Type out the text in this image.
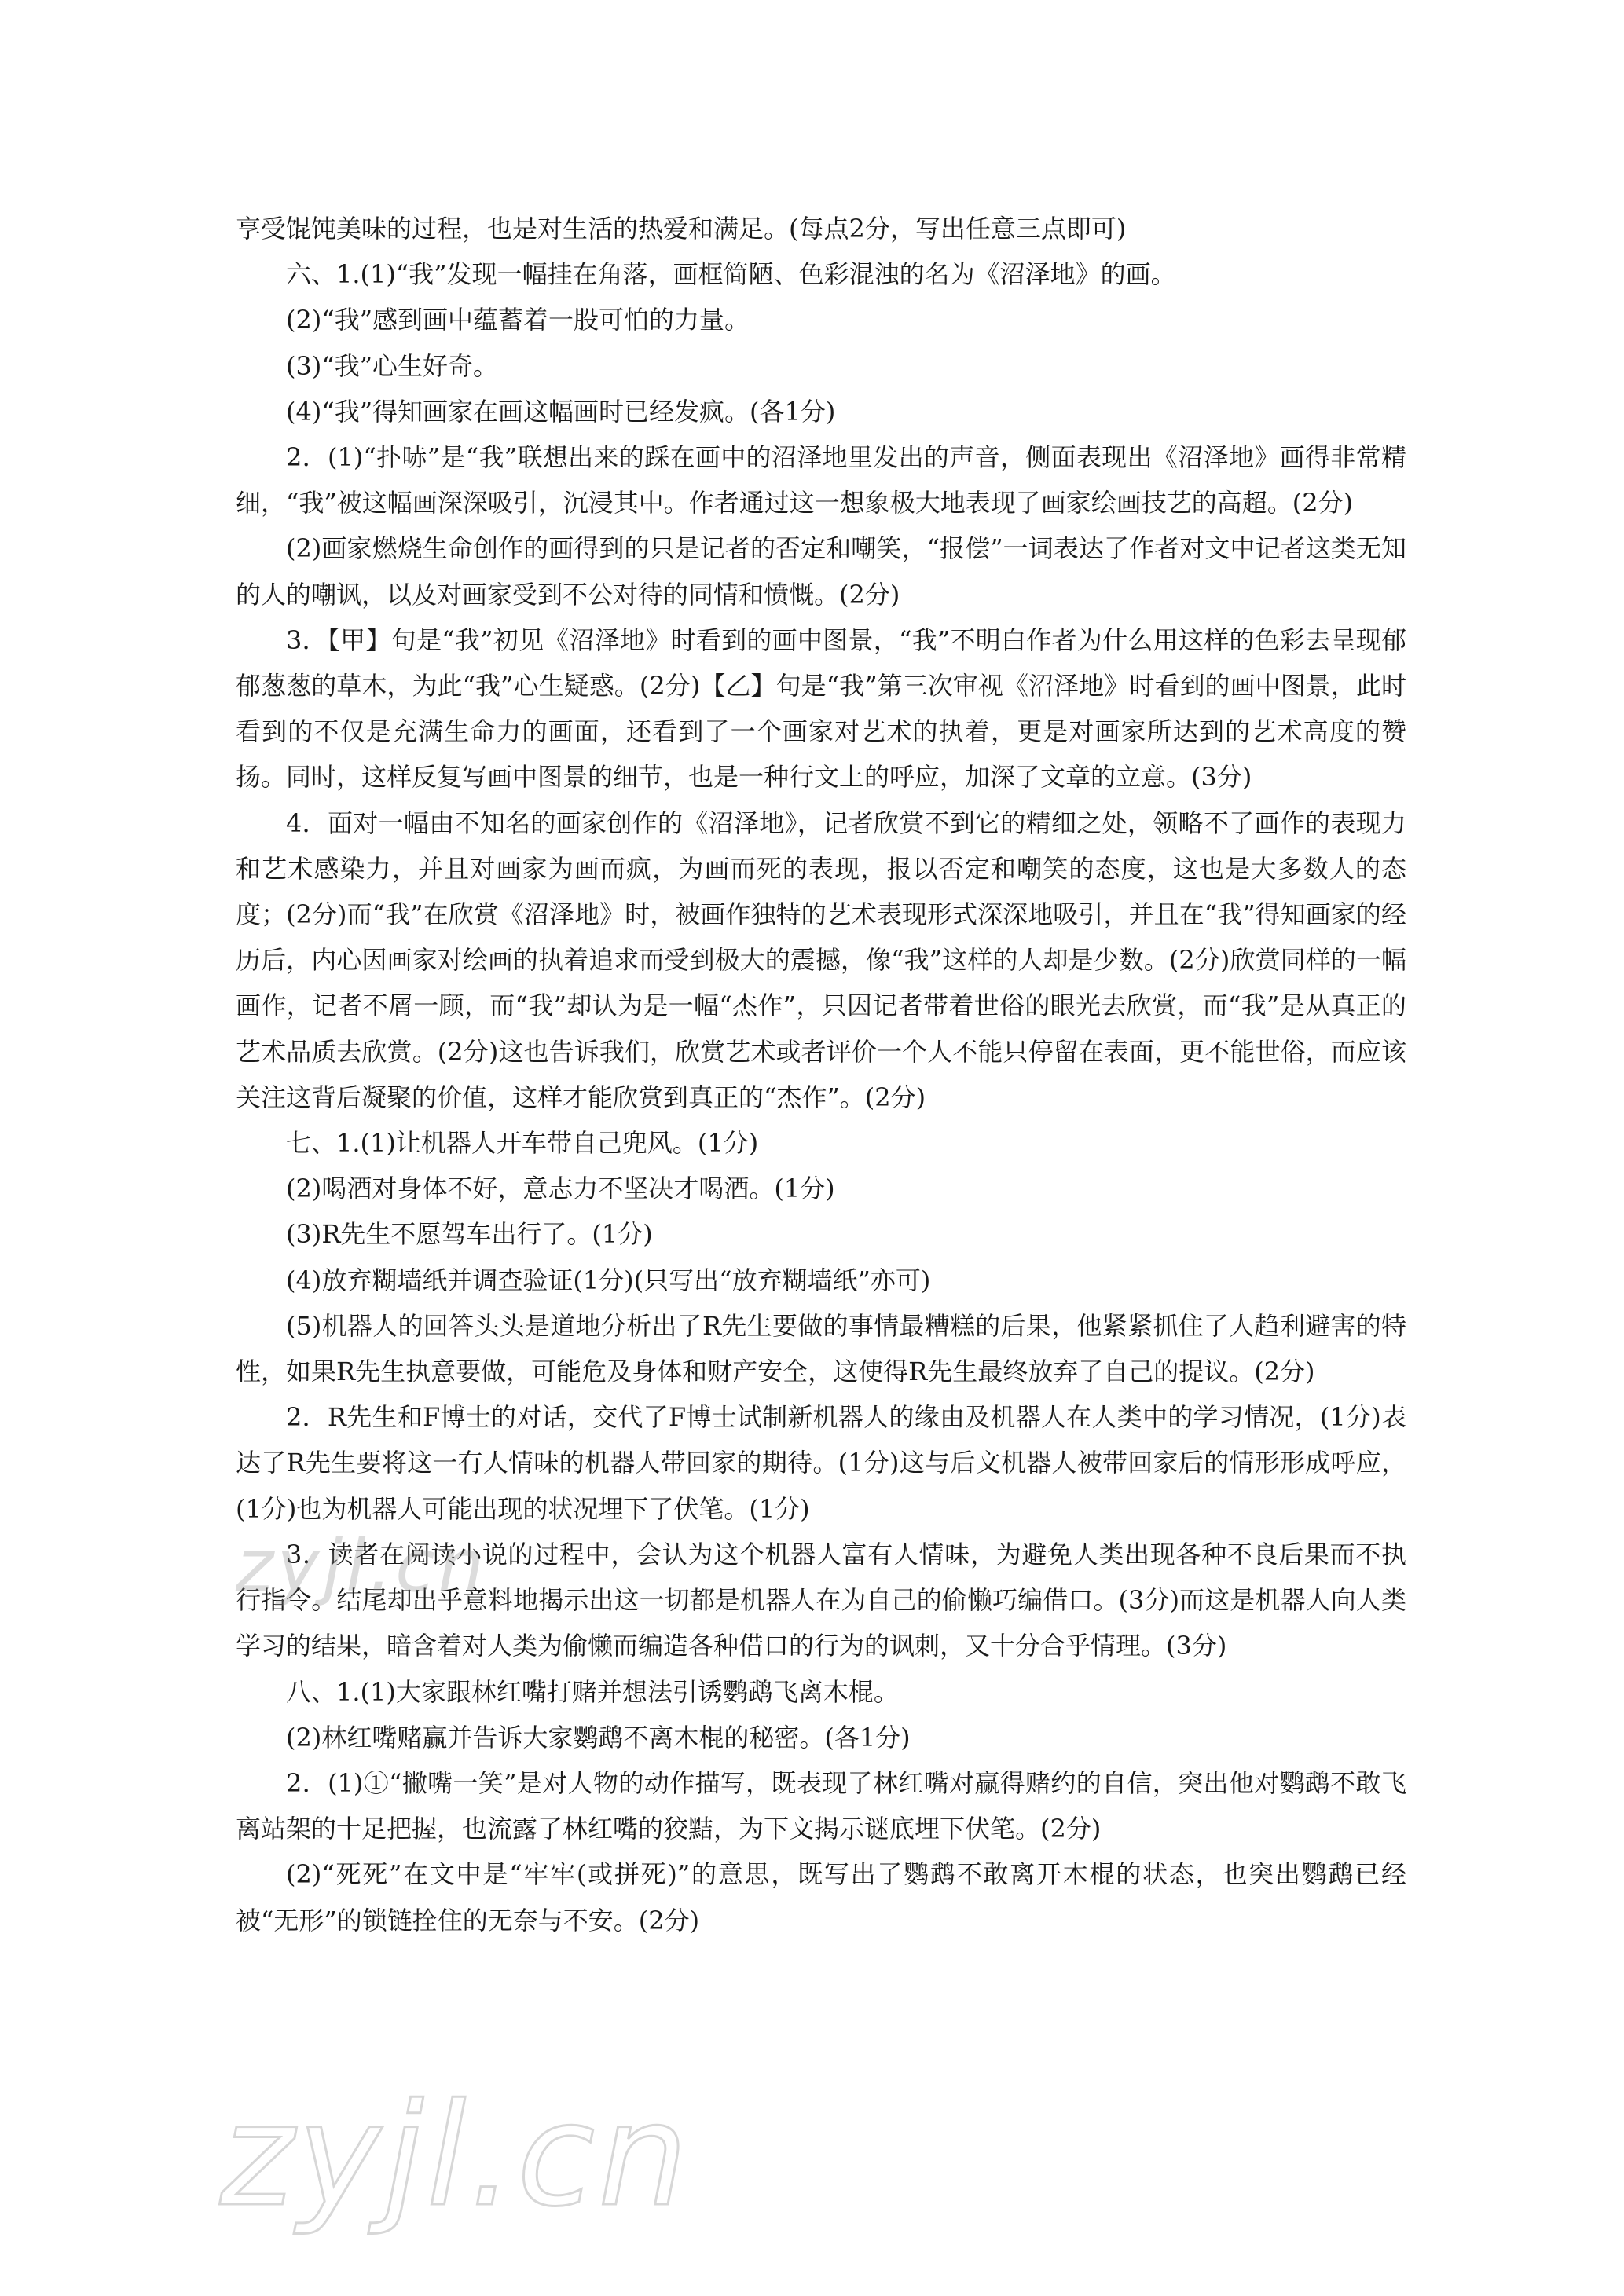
享受馄饨美味的过程，也是对生活的热爱和满足。(每点2分，写出任意三点即可)

六、1.(1)“我”发现一幅挂在角落，画框简陋、色彩混浊的名为《沼泽地》的画。

(2)“我”感到画中蕴蓄着一股可怕的力量。

(3)“我”心生好奇。

(4)“我”得知画家在画这幅画时已经发疯。(各1分)

2．(1)“扑哧”是“我”联想出来的踩在画中的沼泽地里发出的声音，侧面表现出《沼泽地》画得非常精细，“我”被这幅画深深吸引，沉浸其中。作者通过这一想象极大地表现了画家绘画技艺的高超。(2分)

(2)画家燃烧生命创作的画得到的只是记者的否定和嘲笑，“报偿”一词表达了作者对文中记者这类无知的人的嘲讽，以及对画家受到不公对待的同情和愤慨。(2分)

3．【甲】句是“我”初见《沼泽地》时看到的画中图景，“我”不明白作者为什么用这样的色彩去呈现郁郁葱葱的草木，为此“我”心生疑惑。(2分)【乙】句是“我”第三次审视《沼泽地》时看到的画中图景，此时看到的不仅是充满生命力的画面，还看到了一个画家对艺术的执着，更是对画家所达到的艺术高度的赞扬。同时，这样反复写画中图景的细节，也是一种行文上的呼应，加深了文章的立意。(3分)

4．面对一幅由不知名的画家创作的《沼泽地》，记者欣赏不到它的精细之处，领略不了画作的表现力和艺术感染力，并且对画家为画而疯，为画而死的表现，报以否定和嘲笑的态度，这也是大多数人的态度；(2分)而“我”在欣赏《沼泽地》时，被画作独特的艺术表现形式深深地吸引，并且在“我”得知画家的经历后，内心因画家对绘画的执着追求而受到极大的震撼，像“我”这样的人却是少数。(2分)欣赏同样的一幅画作，记者不屑一顾，而“我”却认为是一幅“杰作”，只因记者带着世俗的眼光去欣赏，而“我”是从真正的艺术品质去欣赏。(2分)这也告诉我们，欣赏艺术或者评价一个人不能只停留在表面，更不能世俗，而应该关注这背后凝聚的价值，这样才能欣赏到真正的“杰作”。(2分)

七、1.(1)让机器人开车带自己兜风。(1分)

(2)喝酒对身体不好，意志力不坚决才喝酒。(1分)

(3)R先生不愿驾车出行了。(1分)

(4)放弃糊墙纸并调查验证(1分)(只写出“放弃糊墙纸”亦可)

(5)机器人的回答头头是道地分析出了R先生要做的事情最糟糕的后果，他紧紧抓住了人趋利避害的特性，如果R先生执意要做，可能危及身体和财产安全，这使得R先生最终放弃了自己的提议。(2分)

2．R先生和F博士的对话，交代了F博士试制新机器人的缘由及机器人在人类中的学习情况，(1分)表达了R先生要将这一有人情味的机器人带回家的期待。(1分)这与后文机器人被带回家后的情形形成呼应，(1分)也为机器人可能出现的状况埋下了伏笔。(1分)

3．读者在阅读小说的过程中，会认为这个机器人富有人情味，为避免人类出现各种不良后果而不执行指令。结尾却出乎意料地揭示出这一切都是机器人在为自己的偷懒巧编借口。(3分)而这是机器人向人类学习的结果，暗含着对人类为偷懒而编造各种借口的行为的讽刺，又十分合乎情理。(3分)

八、1.(1)大家跟林红嘴打赌并想法引诱鹦鹉飞离木棍。

(2)林红嘴赌赢并告诉大家鹦鹉不离木棍的秘密。(各1分)

2．(1)①“撇嘴一笑”是对人物的动作描写，既表现了林红嘴对赢得赌约的自信，突出他对鹦鹉不敢飞离站架的十足把握，也流露了林红嘴的狡黠，为下文揭示谜底埋下伏笔。(2分)

(2)“死死”在文中是“牢牢(或拼死)”的意思，既写出了鹦鹉不敢离开木棍的状态，也突出鹦鹉已经被“无形”的锁链拴住的无奈与不安。(2分)

zyjl.cn
zyjl.cn
